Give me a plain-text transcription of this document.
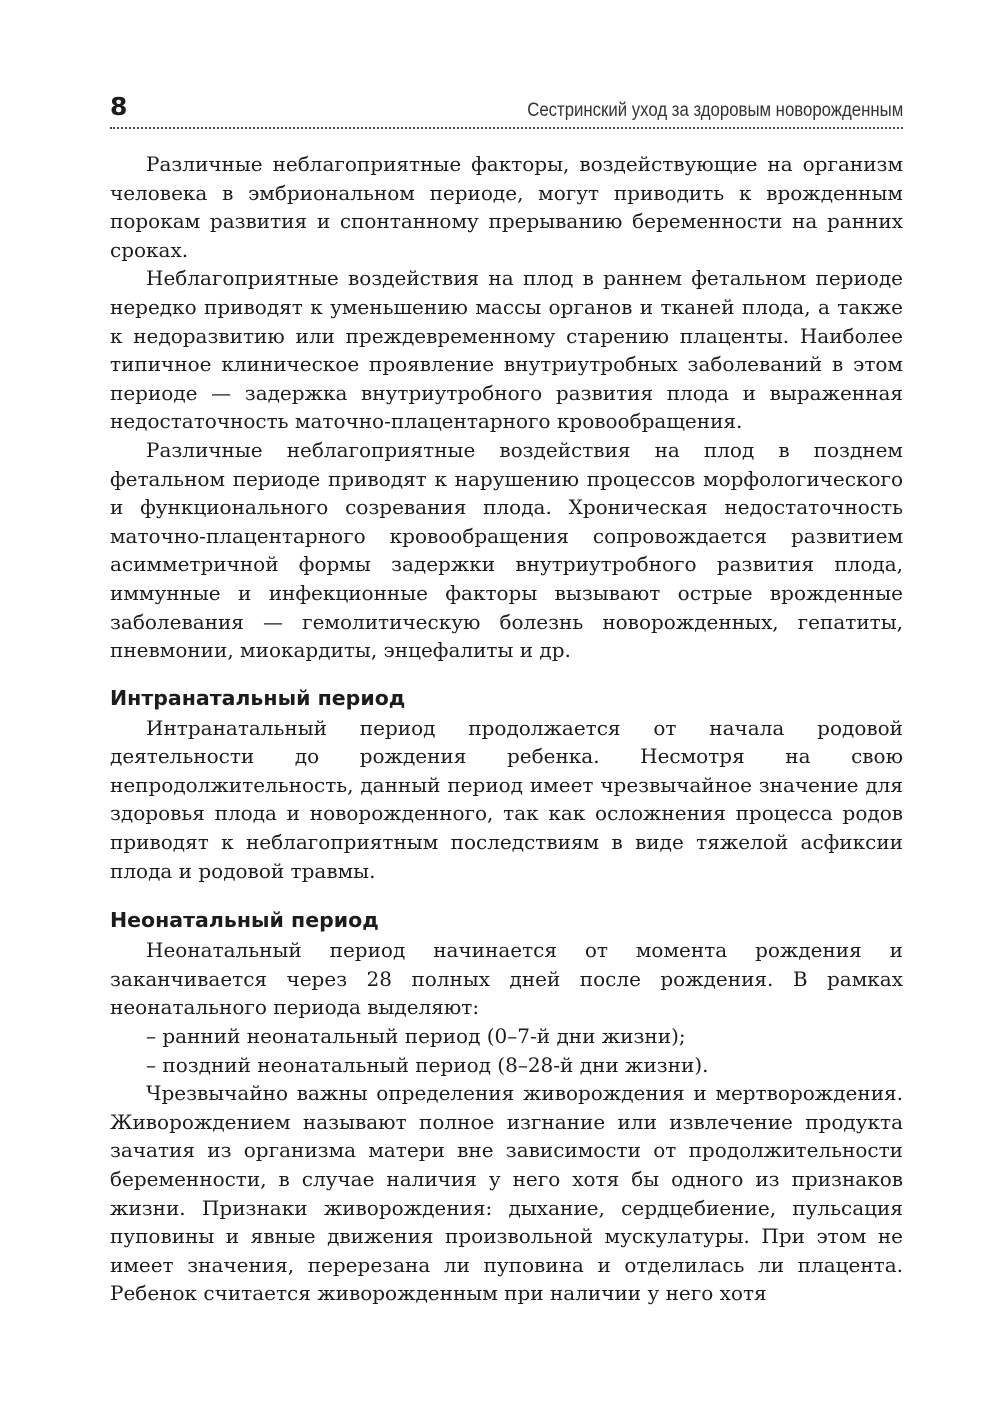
8	Сестринский уход за здоровым новорожденным

Различные неблагоприятные факторы, воздействующие на организм человека в эмбриональном периоде, могут приводить к врожденным порокам развития и спонтанному прерыванию беременности на ранних сроках.

Неблагоприятные воздействия на плод в раннем фетальном периоде нередко приводят к уменьшению массы органов и тканей плода, а также к недоразвитию или преждевременному старению плаценты. Наиболее типичное клиническое проявление внутриутробных заболеваний в этом периоде — задержка внутриутробного развития плода и выраженная недостаточность маточно-плацентарного кровообращения.

Различные неблагоприятные воздействия на плод в позднем фетальном периоде приводят к нарушению процессов морфологического и функционального созревания плода. Хроническая недостаточность маточно-плацентарного кровообращения сопровождается развитием асимметричной формы задержки внутриутробного развития плода, иммунные и инфекционные факторы вызывают острые врожденные заболевания — гемолитическую болезнь новорожденных, гепатиты, пневмонии, миокардиты, энцефалиты и др.

Интранатальный период

Интранатальный период продолжается от начала родовой деятельности до рождения ребенка. Несмотря на свою непродолжительность, данный период имеет чрезвычайное значение для здоровья плода и новорожденного, так как осложнения процесса родов приводят к неблагоприятным последствиям в виде тяжелой асфиксии плода и родовой травмы.

Неонатальный период

Неонатальный период начинается от момента рождения и заканчивается через 28 полных дней после рождения. В рамках неонатального периода выделяют:

– ранний неонатальный период (0–7-й дни жизни);

– поздний неонатальный период (8–28-й дни жизни).

Чрезвычайно важны определения живорождения и мертворождения. Живорождением называют полное изгнание или извлечение продукта зачатия из организма матери вне зависимости от продолжительности беременности, в случае наличия у него хотя бы одного из признаков жизни. Признаки живорождения: дыхание, сердцебиение, пульсация пуповины и явные движения произвольной мускулатуры. При этом не имеет значения, перерезана ли пуповина и отделилась ли плацента. Ребенок считается живорожденным при наличии у него хотя
